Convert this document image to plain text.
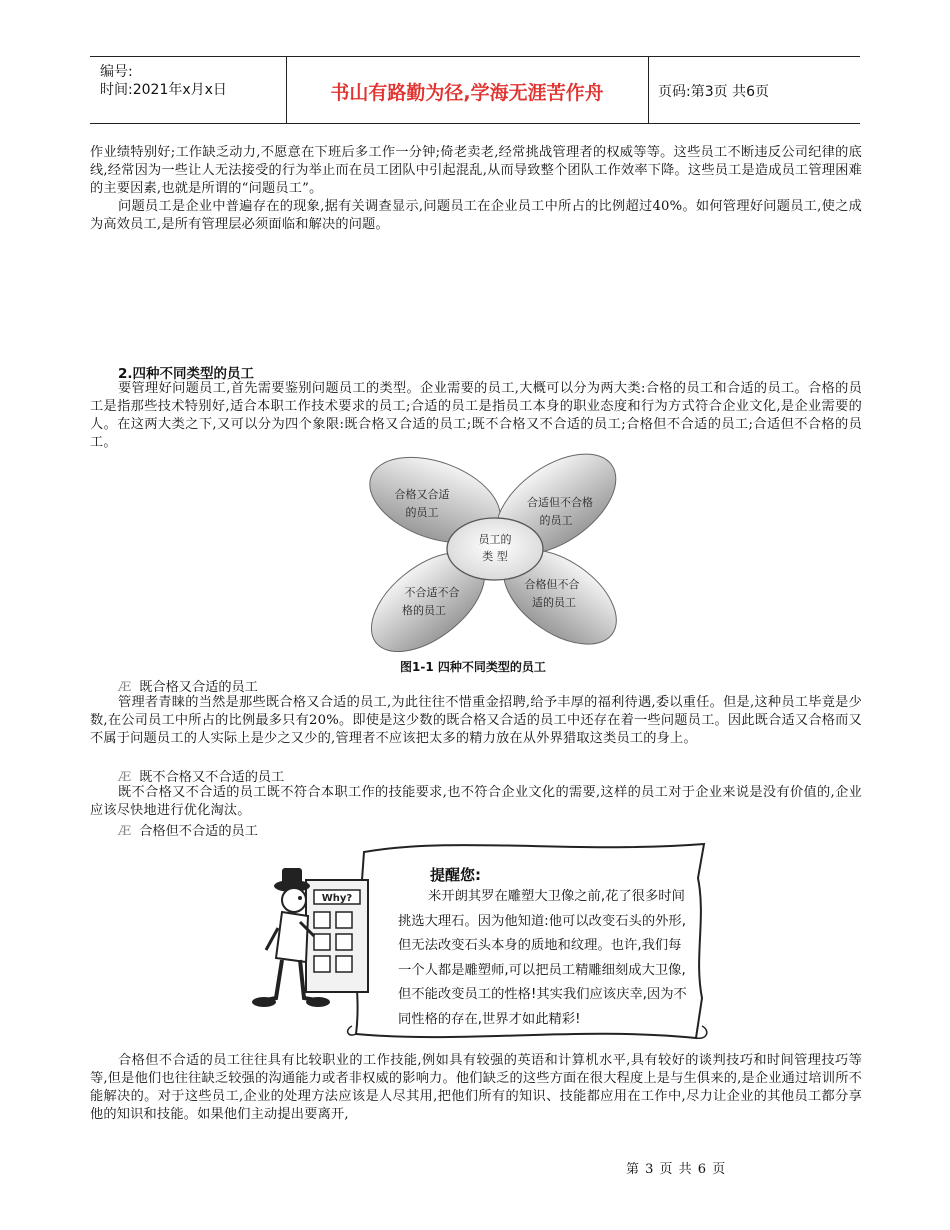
编号:
时间:2021年x月x日	书山有路勤为径,学海无涯苦作舟	页码:第3页 共6页
作业绩特别好;工作缺乏动力,不愿意在下班后多工作一分钟;倚老卖老,经常挑战管理者的权威等等。这些员工不断违反公司纪律的底线,经常因为一些让人无法接受的行为举止而在员工团队中引起混乱,从而导致整个团队工作效率下降。这些员工是造成员工管理困难的主要因素,也就是所谓的“问题员工”。
问题员工是企业中普遍存在的现象,据有关调查显示,问题员工在企业员工中所占的比例超过40%。如何管理好问题员工,使之成为高效员工,是所有管理层必须面临和解决的问题。
2.四种不同类型的员工
要管理好问题员工,首先需要鉴别问题员工的类型。企业需要的员工,大概可以分为两大类:合格的员工和合适的员工。合格的员工是指那些技术特别好,适合本职工作技术要求的员工;合适的员工是指员工本身的职业态度和行为方式符合企业文化,是企业需要的人。在这两大类之下,又可以分为四个象限:既合格又合适的员工;既不合格又不合适的员工;合格但不合适的员工;合适但不合格的员工。
员工的
类 型
合格又合适
的员工
合适但不合格
的员工
不合适不合
格的员工
合格但不合
适的员工
图1-1 四种不同类型的员工
Æ 既合格又合适的员工
管理者青睐的当然是那些既合格又合适的员工,为此往往不惜重金招聘,给予丰厚的福利待遇,委以重任。但是,这种员工毕竟是少数,在公司员工中所占的比例最多只有20%。即使是这少数的既合格又合适的员工中还存在着一些问题员工。因此既合适又合格而又不属于问题员工的人实际上是少之又少的,管理者不应该把太多的精力放在从外界猎取这类员工的身上。
Æ 既不合格又不合适的员工
既不合格又不合适的员工既不符合本职工作的技能要求,也不符合企业文化的需要,这样的员工对于企业来说是没有价值的,企业应该尽快地进行优化淘汰。
Æ 合格但不合适的员工
Why?
提醒您:
米开朗其罗在雕塑大卫像之前,花了很多时间挑选大理石。因为他知道:他可以改变石头的外形,但无法改变石头本身的质地和纹理。也许,我们每一个人都是雕塑师,可以把员工精雕细刻成大卫像,但不能改变员工的性格!其实我们应该庆幸,因为不同性格的存在,世界才如此精彩!
合格但不合适的员工往往具有比较职业的工作技能,例如具有较强的英语和计算机水平,具有较好的谈判技巧和时间管理技巧等等,但是他们也往往缺乏较强的沟通能力或者非权威的影响力。他们缺乏的这些方面在很大程度上是与生俱来的,是企业通过培训所不能解决的。对于这些员工,企业的处理方法应该是人尽其用,把他们所有的知识、技能都应用在工作中,尽力让企业的其他员工都分享他的知识和技能。如果他们主动提出要离开,
第 3 页 共 6 页
